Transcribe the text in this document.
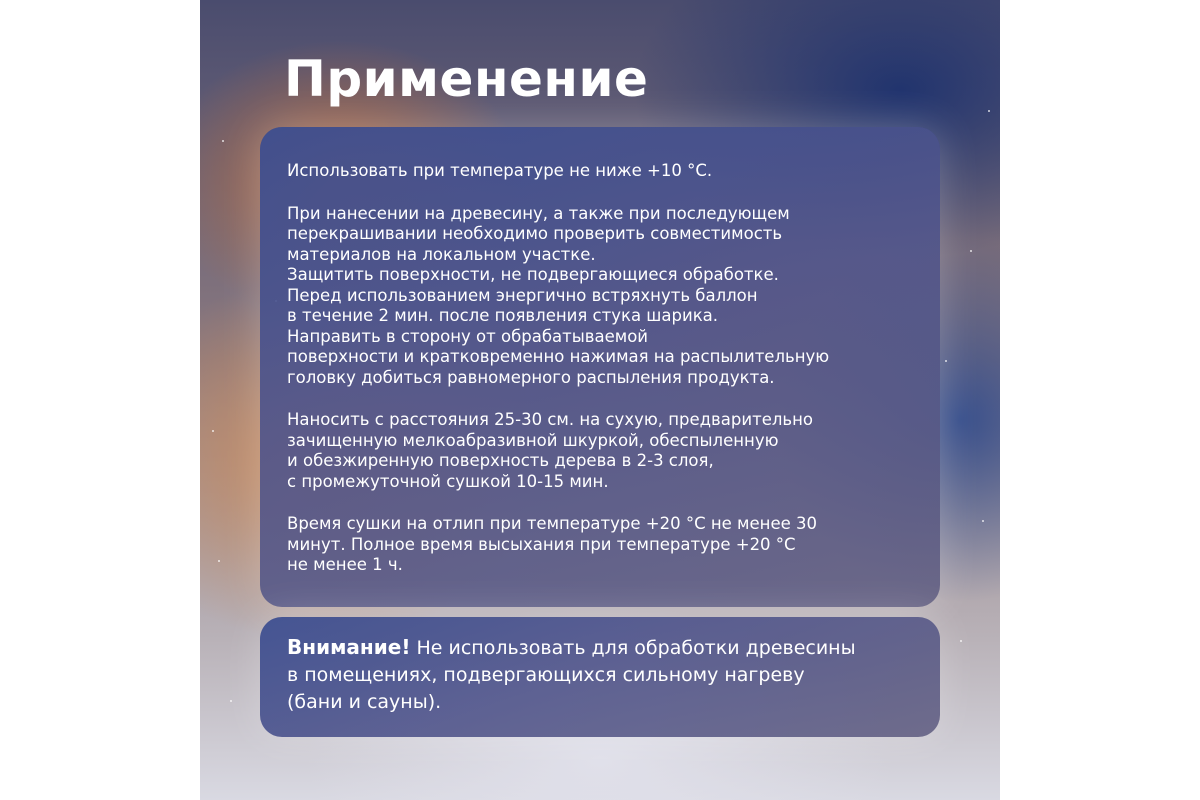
Применение

Использовать при температуре не ниже +10 °C.

При нанесении на древесину, а также при последующем
перекрашивании необходимо проверить совместимость
материалов на локальном участке.
Защитить поверхности, не подвергающиеся обработке.
Перед использованием энергично встряхнуть баллон
в течение 2 мин. после появления стука шарика.
Направить в сторону от обрабатываемой
поверхности и кратковременно нажимая на распылительную
головку добиться равномерного распыления продукта.

Наносить с расстояния 25-30 см. на сухую, предварительно
зачищенную мелкоабразивной шкуркой, обеспыленную
и обезжиренную поверхность дерева в 2-3 слоя,
с промежуточной сушкой 10-15 мин.

Время сушки на отлип при температуре +20 °C не менее 30
минут. Полное время высыхания при температуре +20 °C
не менее 1 ч.

Внимание! Не использовать для обработки древесины
в помещениях, подвергающихся сильному нагреву
(бани и сауны).
